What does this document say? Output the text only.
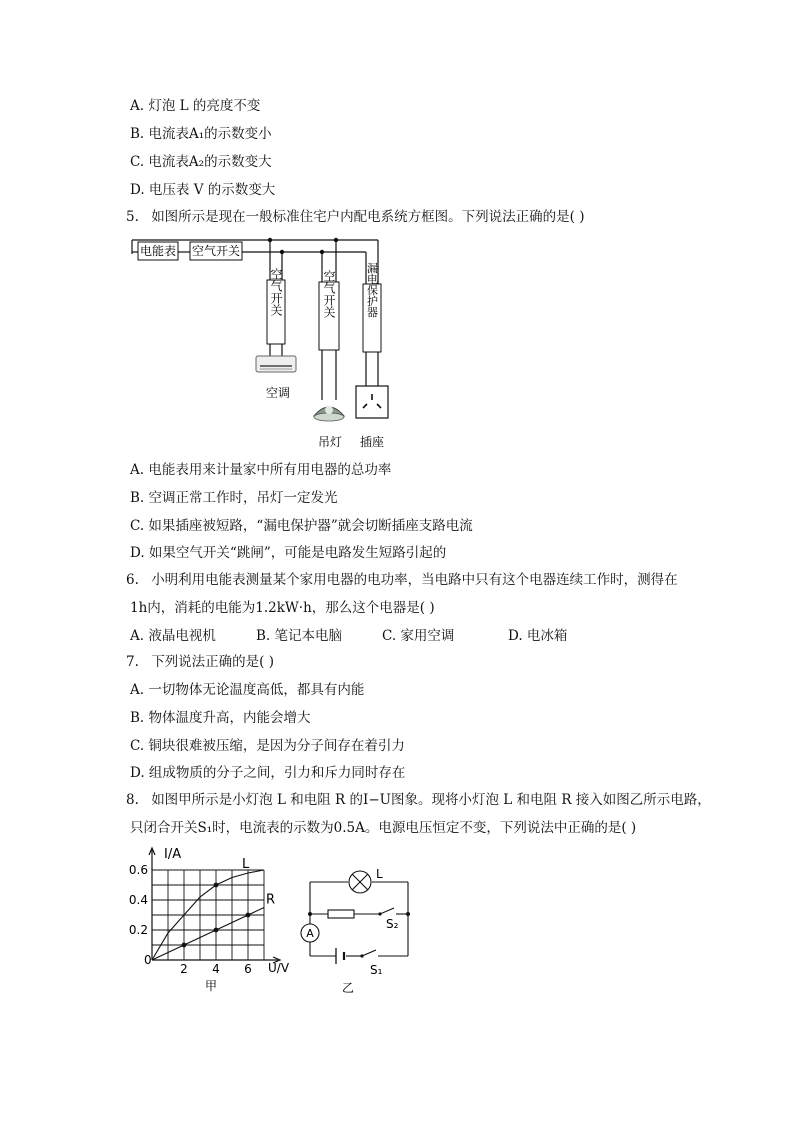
A. 灯泡 L 的亮度不变
B. 电流表A₁的示数变小
C. 电流表A₂的示数变大
D. 电压表 V 的示数变大
5. 如图所示是现在一般标准住宅户内配电系统方框图。下列说法正确的是( )
电能表 空气开关
空气开关	空气开关	漏电保护器
空调
吊灯 插座
A. 电能表用来计量家中所有用电器的总功率
B. 空调正常工作时，吊灯一定发光
C. 如果插座被短路，“漏电保护器”就会切断插座支路电流
D. 如果空气开关“跳闸”，可能是电路发生短路引起的
6. 小明利用电能表测量某个家用电器的电功率，当电路中只有这个电器连续工作时，测得在
1h内，消耗的电能为1.2kW·h，那么这个电器是( )
A. 液晶电视机	B. 笔记本电脑	C. 家用空调	D. 电冰箱
7. 下列说法正确的是( )
A. 一切物体无论温度高低，都具有内能
B. 物体温度升高，内能会增大
C. 铜块很难被压缩，是因为分子间存在着引力
D. 组成物质的分子之间，引力和斥力同时存在
8. 如图甲所示是小灯泡 L 和电阻 R 的I−U图象。现将小灯泡 L 和电阻 R 接入如图乙所示电路，
只闭合开关S₁时，电流表的示数为0.5A。电源电压恒定不变，下列说法中正确的是( )
0.6
0.4
0.2
2 4 6
L
R
I/A
U/V
0
甲
L
S₂
A
S₁
乙
